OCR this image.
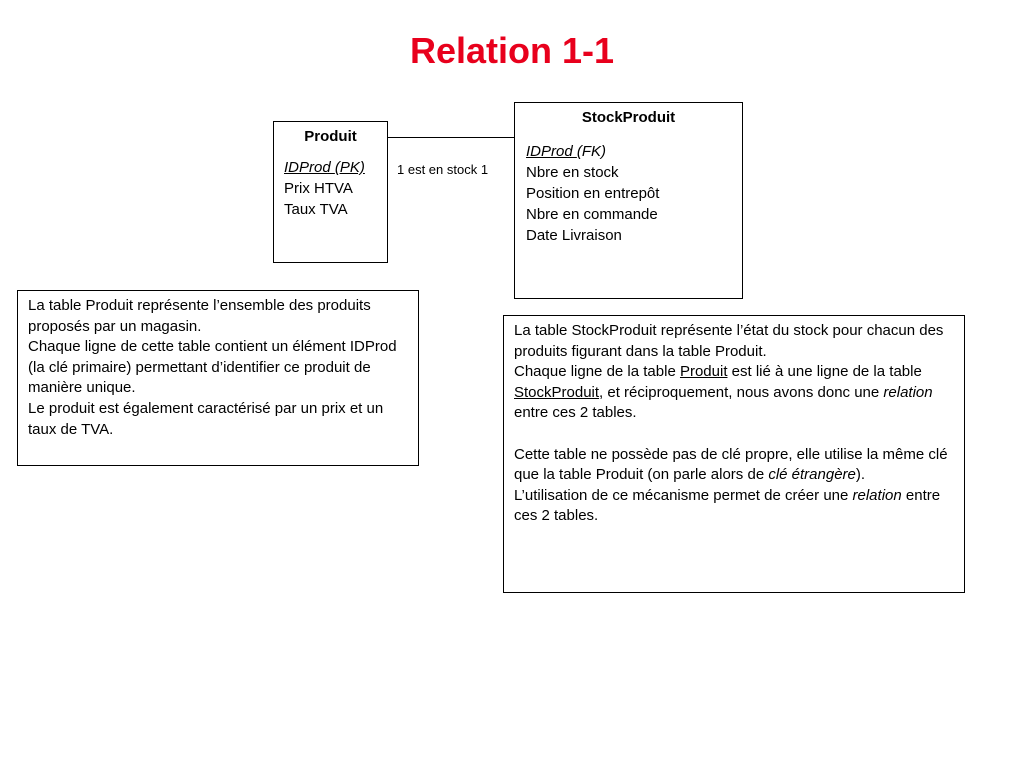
Relation 1-1
Produit
IDProd (PK)
Prix HTVA
Taux TVA
1 est en stock 1
StockProduit
IDProd (FK)
Nbre en stock
Position en entrepôt
Nbre en commande
Date Livraison

La table Produit représente l’ensemble des produits proposés par un magasin.

Chaque ligne de cette table contient un élément IDProd (la clé primaire) permettant d’identifier ce produit de manière unique.

Le produit est également caractérisé par un prix et un taux de TVA.

La table StockProduit représente l’état du stock pour chacun des produits figurant dans la table Produit.

Chaque ligne de la table Produit est lié à une ligne de la table StockProduit, et réciproquement, nous avons donc une relation entre ces 2 tables.

Cette table ne possède pas de clé propre, elle utilise la même clé que la table Produit (on parle alors de clé étrangère).

L’utilisation de ce mécanisme permet de créer une relation entre ces 2 tables.
